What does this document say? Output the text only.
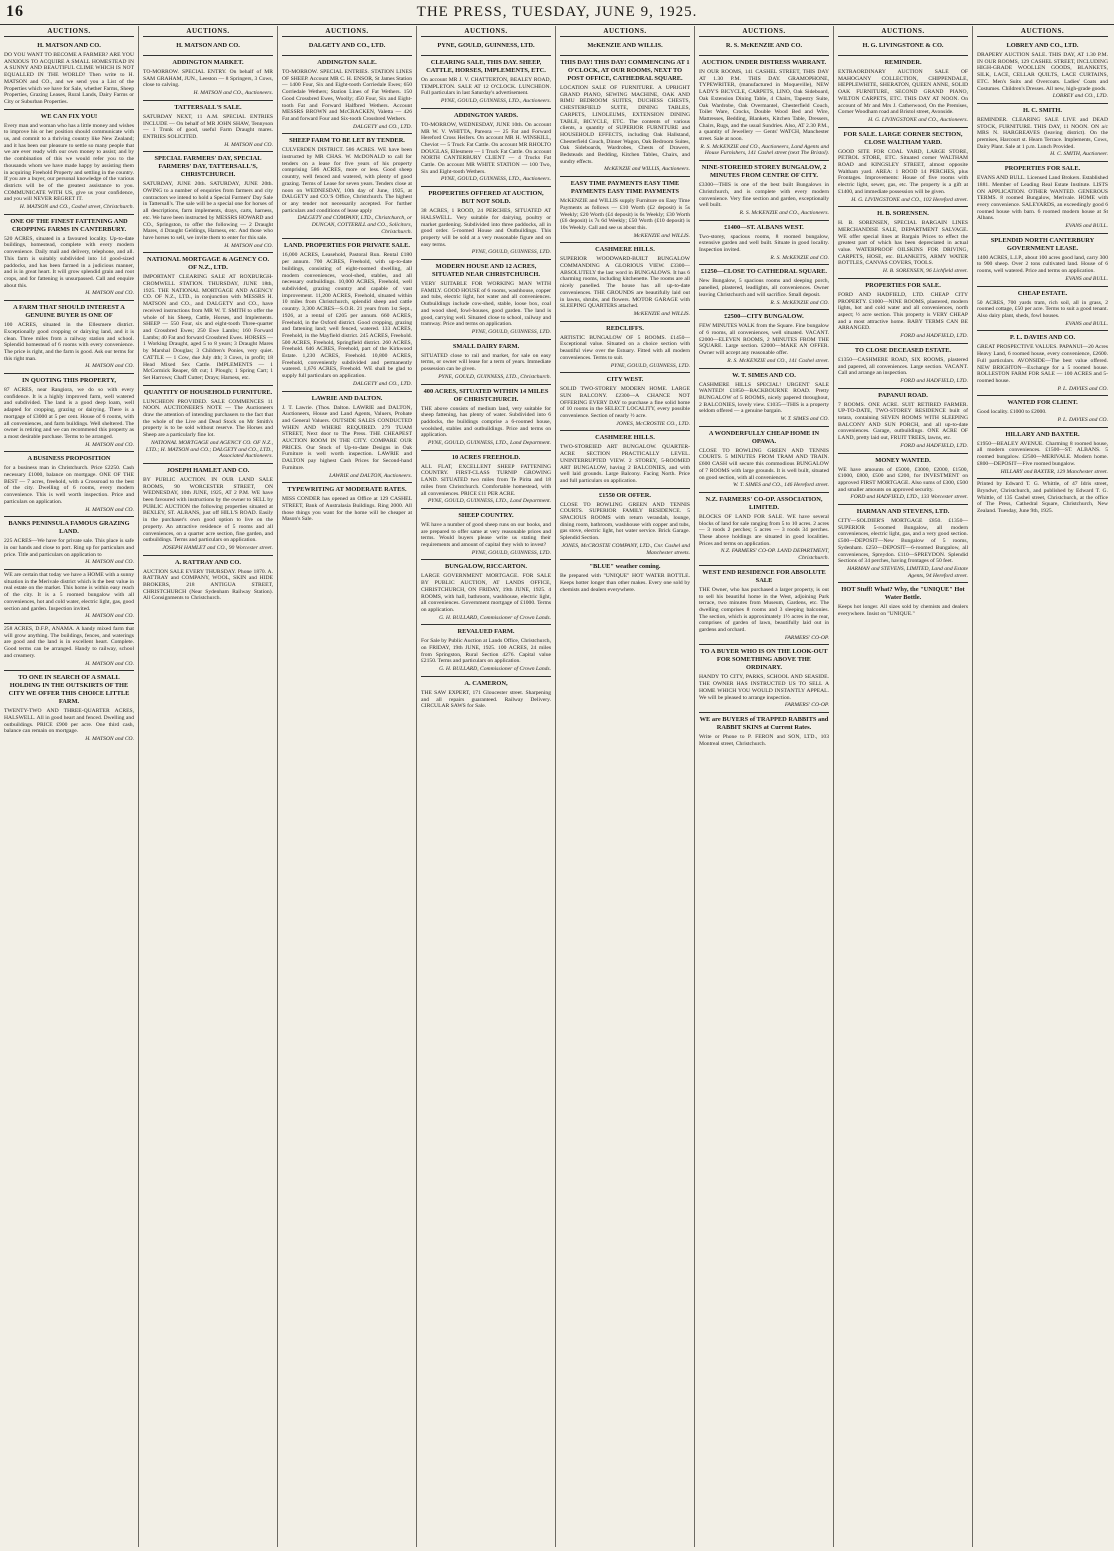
16	THE PRESS, TUESDAY, JUNE 9, 1925.
AUCTIONS.
H. MATSON AND CO.

DO YOU WANT TO BECOME A FARMER? ARE YOU ANXIOUS TO ACQUIRE A SMALL HOMESTEAD IN A SUNNY AND BEAUTIFUL CLIME WHICH IS NOT EQUALLED IN THE WORLD? Then write to H. MATSON and CO., and we send you a List of the Properties which we have for Sale, whether Farms, Sheep Properties, Grazing Leases, Rural Lands, Dairy Farms or City or Suburban Properties.

WE CAN FIX YOU!

Every man and woman who has a little money and wishes to improve his or her position should communicate with us, and commit to a thriving country like New Zealand; and it has been our pleasure to settle so many people that we are ever ready with our own money to assist; and by the combination of this we would refer you to the thousands whom we have made happy by assisting them in acquiring Freehold Property and settling in the country. If you are a buyer, our personal knowledge of the various districts will be of the greatest assistance to you. COMMUNICATE WITH US, give us your confidence, and you will NEVER REGRET IT.

H. MATSON and CO., Cashel street, Christchurch.
ONE OF THE FINEST FATTENING AND CROPPING FARMS IN CANTERBURY.

520 ACRES, situated in a favoured locality. Up-to-date buildings, homestead, complete with every modern convenience. Daily mail and delivery, telephone, and all. This farm is suitably subdivided into 14 good-sized paddocks, and has been farmed in a judicious manner, and is in great heart. It will grow splendid grain and root crops, and for fattening is unsurpassed. Call and enquire about this.

H. MATSON and CO.
A FARM THAT SHOULD INTEREST A GENUINE BUYER IS ONE OF

100 ACRES, situated in the Ellesmere district. Exceptionally good cropping or dairying land, and it is clean. Three miles from a railway station and school. Splendid homestead of 6 rooms with every convenience. The price is right, and the farm is good. Ask our terms for this right man.

H. MATSON and CO.
IN QUOTING THIS PROPERTY,

87 ACRES, near Rangiora, we do so with every confidence. It is a highly improved farm, well watered and subdivided. The land is a good deep loam, well adapted for cropping, grazing or dairying. There is a mortgage of £3000 at 5 per cent. House of 6 rooms, with all conveniences, and farm buildings. Well sheltered. The owner is retiring and we can recommend this property as a most desirable purchase. Terms to be arranged.

H. MATSON and CO.
A BUSINESS PROPOSITION

for a business man in Christchurch. Price £2250. Cash necessary £1000, balance on mortgage. ONE OF THE BEST — 7 acres, freehold, with a Crossroad to the best of the city. Dwelling of 6 rooms, every modern convenience. This is well worth inspection. Price and particulars on application.

H. MATSON and CO.
BANKS PENINSULA FAMOUS GRAZING LAND.

225 ACRES—We have for private sale. This place is safe in our hands and close to port. Ring up for particulars and price. Title and particulars on application to

H. MATSON and CO.

WE are certain that today we have a HOME with a sunny situation in the Merivale district which is the best value in real estate on the market. This home is within easy reach of the city. It is a 5 roomed bungalow with all conveniences, hot and cold water, electric light, gas, good section and garden. Inspection invited.

H. MATSON and CO.

258 ACRES, D.F.P., ANAMA. A handy mixed farm that will grow anything. The buildings, fences, and waterings are good and the land is in excellent heart. Complete. Good terms can be arranged. Handy to railway, school and creamery.

H. MATSON and CO.
TO ONE IN SEARCH OF A SMALL HOLDING IN THE OUTSKIRTS OF THE CITY WE OFFER THIS CHOICE LITTLE FARM.

TWENTY-TWO AND THREE-QUARTER ACRES, HALSWELL. All in good heart and fenced. Dwelling and outbuildings. PRICE £900 per acre. One third cash, balance can remain on mortgage.

H. MATSON and CO.
AUCTIONS.
H. MATSON AND CO.
ADDINGTON MARKET.

TO-MORROW. SPECIAL ENTRY. On behalf of MR SAM GRAHAM, JUN., Leeston — 8 Springers, 3 Cows, close to calving.

H. MATSON and CO., Auctioneers.
TATTERSALL'S SALE.

SATURDAY NEXT, 11 A.M. SPECIAL ENTRIES INCLUDE — On behalf of MR JOHN SHAW, Tennyson — 1 Trunk of good, useful Farm Draught mares. ENTRIES SOLICITED.

H. MATSON and CO.
SPECIAL FARMERS' DAY, SPECIAL FARMERS' DAY, TATTERSALL'S, CHRISTCHURCH.

SATURDAY, JUNE 20th. SATURDAY, JUNE 20th. OWING to a number of enquiries from farmers and city contractors we intend to hold a Special Farmers' Day Sale in Tattersall's. The sale will be a special one for horses of all descriptions, farm implements, drays, carts, harness, etc. We have been instructed by MESSRS HOWARD and CO., Springston, to offer the following — 2 Draught Mares, 4 Draught Geldings, Harness, etc. And those who have horses to sell, we invite them to enter for this sale.

H. MATSON and CO.
NATIONAL MORTGAGE & AGENCY CO. OF N.Z., LTD.

IMPORTANT CLEARING SALE AT ROXBURGH-CROMWELL STATION. THURSDAY, JUNE 18th, 1925. THE NATIONAL MORTGAGE AND AGENCY CO. OF N.Z., LTD., in conjunction with MESSRS H. MATSON and CO., and DALGETY and CO., have received instructions from MR W. T. SMITH to offer the whole of his Sheep, Cattle, Horses, and Implements. SHEEP — 550 Four, six and eight-tooth Three-quarter and Crossbred Ewes; 250 Ewe Lambs; 160 Forward Lambs; 40 Fat and forward Crossbred Ewes. HORSES — 1 Working Draught, aged 5 to 8 years; 3 Draught Mares by Marshal Douglas; 3 Children's Ponies, very quiet. CATTLE — 1 Cow, due July 4th; 3 Cows, in profit; 18 Head Mixed Sex Cattle. IMPLEMENTS — 1 McCormick Reaper, 6ft cut; 1 Plough; 1 Spring Cart; 1 Set Harrows; Chaff Cutter; Drays; Harness, etc.

QUANTITY OF HOUSEHOLD FURNITURE.

LUNCHEON PROVIDED. SALE COMMENCES 11 NOON. AUCTIONEER'S NOTE — The Auctioneers draw the attention of intending purchasers to the fact that the whole of the Live and Dead Stock on Mr Smith's property is to be sold without reserve. The Horses and Sheep are a particularly fine lot.

NATIONAL MORTGAGE and AGENCY CO. OF N.Z., LTD.; H. MATSON and CO.; DALGETY and CO., LTD., Associated Auctioneers.
JOSEPH HAMLET AND CO.

BY PUBLIC AUCTION. IN OUR LAND SALE ROOMS, 90 WORCESTER STREET, ON WEDNESDAY, 10th JUNE, 1925, AT 2 P.M. WE have been favoured with instructions by the owner to SELL by PUBLIC AUCTION the following properties situated at BEXLEY, ST. ALBANS, just off HILL'S ROAD. Easily in the purchaser's own good option to live on the property. An attractive residence of 5 rooms and all conveniences, on a quarter acre section, fine garden, and outbuildings. Terms and particulars on application.

JOSEPH HAMLET and CO., 90 Worcester street.
A. RATTRAY AND CO.

AUCTION SALE EVERY THURSDAY. Phone 1870. A. RATTRAY and COMPANY, WOOL, SKIN and HIDE BROKERS, 218 ANTIGUA STREET, CHRISTCHURCH (Near Sydenham Railway Station). All Consignments to Christchurch.

AUCTIONS.
DALGETY AND CO., LTD.
ADDINGTON SALE.

TO-MORROW. SPECIAL ENTRIES. STATION LINES OF SHEEP. Account MR C. H. ENSOR, St James Station — 1400 Four, Six and Eight-tooth Corriedale Ewes; 650 Corriedale Wethers; Station Lines of Fat Wethers. 150 Good Crossbred Ewes, Woolly; 450 Four, Six and Eight-tooth Fat and Forward Halfbred Wethers. Account MESSRS BROWN and McCRACKEN, Valetta — 426 Fat and forward Four and Six-tooth Crossbred Wethers.

DALGETY and CO., LTD.
SHEEP FARM TO BE LET BY TENDER.

CULVERDEN DISTRICT. 586 ACRES. WE have been instructed by MR CHAS. W. McDONALD to call for tenders on a lease for five years of his property comprising 586 ACRES, more or less. Good sheep country, well fenced and watered, with plenty of good grazing. Terms of Lease for seven years. Tenders close at noon on WEDNESDAY, 10th day of June, 1925, at DALGETY and CO.'S Office, Christchurch. The highest or any tender not necessarily accepted. For further particulars and conditions of lease apply

DALGETY and COMPANY, LTD., Christchurch, or DUNCAN, COTTERILL and CO., Solicitors, Christchurch.
LAND. PROPERTIES FOR PRIVATE SALE.

16,000 ACRES, Leasehold, Pastoral Run. Rental £180 per annum. 700 ACRES, Freehold, with up-to-date buildings, consisting of eight-roomed dwelling, all modern conveniences, wool-shed, stables, and all necessary outbuildings. 10,000 ACRES, Freehold, well subdivided, grazing country and capable of vast improvement. 11,200 ACRES, Freehold, situated within 10 miles from Christchurch, splendid sheep and cattle country. 3,300 ACRES—S.O.R. 21 years from 1st Sept., 1926, at a rental of £205 per annum. 660 ACRES, Freehold, in the Oxford district. Good cropping, grazing and fattening land; well fenced, watered. 133 ACRES, Freehold, in the Mayfield district. 245 ACRES, Freehold. 500 ACRES, Freehold, Springfield district. 260 ACRES, Freehold. 646 ACRES, Freehold, part of the Kirkwood Estate. 1,230 ACRES, Freehold. 10,800 ACRES, Freehold, conveniently subdivided and permanently watered. 1,676 ACRES, Freehold. WE shall be glad to supply full particulars on application.

DALGETY and CO., LTD.
LAWRIE AND DALTON.

J. T. Lawrie. (Thos. Dalton. LAWRIE and DALTON, Auctioneers, House and Land Agents, Valuers, Probate and General Valuers. OUTSIDE SALES CONDUCTED WHEN AND WHERE REQUIRED. 279 TUAM STREET, Next door to The Press. THE CHEAPEST AUCTION ROOM IN THE CITY. COMPARE OUR PRICES. Our Stock of Up-to-date Designs in Oak Furniture is well worth inspection. LAWRIE and DALTON pay highest Cash Prices for Second-hand Furniture.

LAWRIE and DALTON, Auctioneers.
TYPEWRITING AT MODERATE RATES.

MISS CONDER has opened an Office at 129 CASHEL STREET, Bank of Australasia Buildings. Ring 2000. All those things you want for the home will be cheaper at Mason's Sale.

AUCTIONS.
PYNE, GOULD, GUINNESS, LTD.
CLEARING SALE, THIS DAY. SHEEP, CATTLE, HORSES, IMPLEMENTS, ETC.

On account MR J. V. CHATTERTON, BEALEY ROAD, TEMPLETON. SALE AT 12 O'CLOCK. LUNCHEON. Full particulars in last Saturday's advertisement.

PYNE, GOULD, GUINNESS, LTD., Auctioneers.
ADDINGTON YARDS.

TO-MORROW, WEDNESDAY, JUNE 10th. On account MR W. V. WHITTA, Pareora — 25 Fat and Forward Hereford Cross Heifers. On account MR H. WINSKILL, Cheviot — 5 Truck Fat Cattle. On account MR RHOLTO DOUGLAS, Ellesmere — 1 Truck Fat Cattle. On account NORTH CANTERBURY CLIENT — 4 Trucks Fat Cattle. On account MR WHITE STATION — 100 Two, Six and Eight-tooth Wethers.

PYNE, GOULD, GUINNESS, LTD., Auctioneers.
PROPERTIES OFFERED AT AUCTION, BUT NOT SOLD.

38 ACRES, 1 ROOD, 24 PERCHES, SITUATED AT HALSWELL. Very suitable for dairying, poultry or market gardening. Subdivided into three paddocks, all in good order. 5-roomed House and Outbuildings. This property will be sold at a very reasonable figure and on easy terms.

PYNE, GOULD, GUINNESS, LTD.
MODERN HOUSE AND 12 ACRES, SITUATED NEAR CHRISTCHURCH.

VERY SUITABLE FOR WORKING MAN WITH FAMILY. GOOD HOUSE of 6 rooms, washhouse, copper and tubs, electric light, hot water and all conveniences. Outbuildings include cow-shed, stable, loose box, coal and wood shed, fowl-houses, good garden. The land is good, carrying well. Situated close to school, railway and tramway. Price and terms on application.

PYNE, GOULD, GUINNESS, LTD.
SMALL DAIRY FARM.

SITUATED close to rail and market, for sale on easy terms, or owner will lease for a term of years. Immediate possession can be given.

PYNE, GOULD, GUINNESS, LTD., Christchurch.
400 ACRES, SITUATED WITHIN 14 MILES OF CHRISTCHURCH.

THE above consists of medium land, very suitable for sheep fattening, has plenty of water. Subdivided into 6 paddocks, the buildings comprise a 6-roomed house, woolshed, stables and outbuildings. Price and terms on application.

PYNE, GOULD, GUINNESS, LTD., Land Department.
10 ACRES FREEHOLD.

ALL FLAT, EXCELLENT SHEEP FATTENING COUNTRY. FIRST-CLASS TURNIP GROWING LAND. SITUATED two miles from Te Pirita and 18 miles from Christchurch. Comfortable homestead, with all conveniences. PRICE £11 PER ACRE.

PYNE, GOULD, GUINNESS, LTD., Land Department.
SHEEP COUNTRY.

WE have a number of good sheep runs on our books, and are prepared to offer same at very reasonable prices and terms. Would buyers please write us stating their requirements and amount of capital they wish to invest?

PYNE, GOULD, GUINNESS, LTD.
BUNGALOW, RICCARTON.

LARGE GOVERNMENT MORTGAGE. FOR SALE BY PUBLIC AUCTION, AT LANDS OFFICE, CHRISTCHURCH, ON FRIDAY, 19th JUNE, 1925. 4 ROOMS, with hall, bathroom, washhouse, electric light, all conveniences. Government mortgage of £1000. Terms on application.

G. H. BULLARD, Commissioner of Crown Lands.
REVALUED FARM.

For Sale by Public Auction at Lands Office, Christchurch, on FRIDAY, 19th JUNE, 1925. 100 ACRES, 24 miles from Springston, Rural Section 4276. Capital value £2150. Terms and particulars on application.

G. H. BULLARD, Commissioner of Crown Lands.
A. CAMERON,

THE SAW EXPERT, 171 Gloucester street. Sharpening and all repairs guaranteed. Railway Delivery. CIRCULAR SAWS for Sale.

AUCTIONS.
McKENZIE AND WILLIS.
THIS DAY! THIS DAY! COMMENCING AT 1 O'CLOCK, AT OUR ROOMS, NEXT TO POST OFFICE, CATHEDRAL SQUARE.

LOCATION SALE OF FURNITURE. A UPRIGHT GRAND PIANO, SEWING MACHINE, OAK AND RIMU BEDROOM SUITES, DUCHESS CHESTS, CHESTERFIELD SUITE, DINING TABLES, CARPETS, LINOLEUMS, EXTENSION DINING TABLE, BICYCLE, ETC. The contents of various clients, a quantity of SUPERIOR FURNITURE and HOUSEHOLD EFFECTS, including Oak Hallstand, Chesterfield Couch, Dinner Wagon, Oak Bedroom Suites, Oak Sideboards, Wardrobes, Chests of Drawers, Bedsteads and Bedding, Kitchen Tables, Chairs, and sundry effects.

McKENZIE and WILLIS, Auctioneers.
EASY TIME PAYMENTS EASY TIME PAYMENTS EASY TIME PAYMENTS

McKENZIE and WILLIS supply Furniture on Easy Time Payments as follows — £10 Worth (£2 deposit) is 5s Weekly; £20 Worth (£4 deposit) is 6s Weekly; £30 Worth (£6 deposit) is 7s 6d Weekly; £50 Worth (£10 deposit) is 10s Weekly. Call and see us about this.

McKENZIE and WILLIS.
CASHMERE HILLS.

SUPERIOR WOODWARD-BUILT BUNGALOW COMMANDING A GLORIOUS VIEW. £3300—ABSOLUTELY the last word in BUNGALOWS. It has 6 charming rooms, including kitchenette. The rooms are all nicely panelled. The house has all up-to-date conveniences. THE GROUNDS are beautifully laid out in lawns, shrubs, and flowers. MOTOR GARAGE with SLEEPING QUARTERS attached.

McKENZIE and WILLIS.
REDCLIFFS.

ARTISTIC BUNGALOW OF 5 ROOMS. £1450—Exceptional value. Situated on a choice section with beautiful view over the Estuary. Fitted with all modern conveniences. Terms to suit.

PYNE, GOULD, GUINNESS, LTD.
CITY WEST.

SOLID TWO-STOREY MODERN HOME. LARGE SUN BALCONY. £2300—A CHANCE NOT OFFERING EVERY DAY to purchase a fine solid home of 10 rooms in the SELECT LOCALITY, every possible convenience. Section of nearly ½ acre.

JONES, McCROSTIE CO., LTD.
CASHMERE HILLS.

TWO-STOREIED ART BUNGALOW. QUARTER-ACRE SECTION PRACTICALLY LEVEL. UNINTERRUPTED VIEW. 2 STOREY, 5-ROOMED ART BUNGALOW, having 2 BALCONIES, and with well laid grounds. Large Balcony. Facing North. Price and full particulars on application.

£1550 OR OFFER.

CLOSE TO BOWLING GREEN AND TENNIS COURTS. SUPERIOR FAMILY RESIDENCE. 5 SPACIOUS ROOMS with return verandah, lounge, dining room, bathroom, washhouse with copper and tubs, gas stove, electric light, hot water service. Brick Garage. Splendid Section.

JONES, McCROSTIE COMPANY, LTD., Cnr. Cashel and Manchester streets.
"BLUE" weather coming.

Be prepared with "UNIQUE" HOT WATER BOTTLE. Keeps hotter longer than other makes. Every one sold by chemists and dealers everywhere.

AUCTIONS.
R. S. McKENZIE AND CO.
AUCTION. UNDER DISTRESS WARRANT.

IN OUR ROOMS, 141 CASHEL STREET, THIS DAY AT 1.30 P.M. THIS DAY. GRAMOPHONE, TYPEWRITER, (manufactured in Moqueville), NEW LADY'S BICYCLE, CARPETS, LINO, Oak Sideboard, Oak Extension Dining Table, 4 Chairs, Tapestry Suite, Oak Wardrobe, Oak Overmantel, Chesterfield Couch, Toilet Ware, Crocks, Double Wood Bed and Wire, Mattresses, Bedding, Blankets, Kitchen Table, Dressers, Chairs, Rugs, and the usual Sundries. Also, AT 2.30 P.M., a quantity of Jewellery — Gents' WATCH, Manchester street. Sale at noon.

R. S. McKENZIE and CO., Auctioneers, Land Agents and House Furnishers, 141 Cashel street (next The Bristol).
NINE-STOREIED STOREY BUNGALOW, 2 MINUTES FROM CENTRE OF CITY.

£3300—THIS is one of the best built Bungalows in Christchurch, and is complete with every modern convenience. Very fine section and garden, exceptionally well built.

R. S. McKENZIE and CO., Auctioneers.
£1400—ST. ALBANS WEST.

Two-storey, spacious rooms, 8 roomed bungalow, extensive garden and well built. Situate in good locality. Inspection invited.

R. S. McKENZIE and CO.
£1250—CLOSE TO CATHEDRAL SQUARE.

New Bungalow, 5 spacious rooms and sleeping porch, panelled, plastered, leadlights, all conveniences. Owner leaving Christchurch and will sacrifice. Small deposit.

R. S. McKENZIE and CO.
£2500—CITY BUNGALOW.

FEW MINUTES WALK from the Square. Fine bungalow of 6 rooms, all conveniences, well situated. VACANT. £2000—ELEVEN ROOMS, 2 MINUTES FROM THE SQUARE. Large section. £2000—MAKE AN OFFER. Owner will accept any reasonable offer.

R. S. McKENZIE and CO., 141 Cashel street.
W. T. SIMES AND CO.

CASHMERE HILLS SPECIAL! URGENT SALE WANTED! £1850—BACKBOURNE ROAD. Pretty BUNGALOW of 5 ROOMS, nicely papered throughout, 2 BALCONIES, lovely view. £1035—THIS is a property seldom offered — a genuine bargain.

W. T. SIMES and CO.
A WONDERFULLY CHEAP HOME IN OPAWA.

CLOSE TO BOWLING GREEN AND TENNIS COURTS. 5 MINUTES FROM TRAM AND TRAIN. £600 CASH will secure this commodious BUNGALOW of 7 ROOMS with large grounds. It is well built, situated on good section, with all conveniences.

W. T. SIMES and CO., 146 Hereford street.
N.Z. FARMERS' CO-OP. ASSOCIATION, LIMITED.

BLOCKS OF LAND FOR SALE. WE have several blocks of land for sale ranging from 5 to 10 acres. 2 acres — 3 roods 2 perches; 5 acres — 3 roods 34 perches. These above holdings are situated in good localities. Prices and terms on application.

N.Z. FARMERS' CO-OP. LAND DEPARTMENT, Christchurch.
WEST END RESIDENCE FOR ABSOLUTE SALE

THE Owner, who has purchased a larger property, is out to sell his beautiful home in the West, adjoining Park terrace, two minutes from Museum, Gardens, etc. The dwelling comprises 8 rooms and 3 sleeping balconies. The section, which is approximately 1½ acres in the rear, comprises of garden of lawn, beautifully laid out in gardens and orchard.

FARMERS' CO-OP.
TO A BUYER WHO IS ON THE LOOK-OUT FOR SOMETHING ABOVE THE ORDINARY.

HANDY TO CITY, PARKS, SCHOOL AND SEASIDE. THE OWNER HAS INSTRUCTED US TO SELL A HOME WHICH YOU WOULD INSTANTLY APPEAL. We will be pleased to arrange inspection.

FARMERS' CO-OP.
WE are BUYERS of TRAPPED RABBITS and RABBIT SKINS at Current Rates.

Write or Phone to P. FERON and SON, LTD., 103 Montreal street, Christchurch.

AUCTIONS.
H. G. LIVINGSTONE & CO.
REMINDER.

EXTRAORDINARY AUCTION SALE OF MAHOGANY COLLECTION, CHIPPENDALE, HEPPLEWHITE, SHERATON, QUEEN ANNE, SOLID OAK FURNITURE, SECOND GRAND PIANO, WILTON CARPETS, ETC. THIS DAY AT NOON. On account of Mr and Mrs J. Catherwood, On the Premises, Corner Woodham road and Bristol street, Avonside.

H. G. LIVINGSTONE and CO., Auctioneers.
FOR SALE. LARGE CORNER SECTION, CLOSE WALTHAM YARD.

GOOD SITE FOR COAL YARD, LARGE STORE, PETROL STORE, ETC. Situated corner WALTHAM ROAD and KINGSLEY STREET, almost opposite Waltham yard. AREA: 1 ROOD 14 PERCHES, plus Frontages. Improvements: House of five rooms with electric light, sewer, gas, etc. The property is a gift at £1400, and immediate possession will be given.

H. G. LIVINGSTONE and CO., 102 Hereford street.
H. B. SORENSEN.

H. B. SORENSEN, SPECIAL BARGAIN LINES MERCHANDISE SALE, DEPARTMENT SALVAGE. WE offer special lines at Bargain Prices to effect the greatest part of which has been depreciated in actual value. WATERPROOF OILSKINS FOR DRIVING, CARPETS, HOSE, etc. BLANKETS, ARMY WATER BOTTLES, CANVAS COVERS, TOOLS.

H. B. SORENSEN, 96 Lichfield street.
PROPERTIES FOR SALE.

FORD AND HADFIELD, LTD. CHEAP CITY PROPERTY. £1000—NINE ROOMS, plastered, modern lights, hot and cold water and all conveniences, north aspect; ½ acre section. This property is VERY CHEAP and a most attractive home. BABY TERMS CAN BE ARRANGED.

FORD and HADFIELD, LTD.
TO CLOSE DECEASED ESTATE.

£1350—CASHMERE ROAD, SIX ROOMS, plastered and papered, all conveniences. Large section. VACANT. Call and arrange an inspection.

FORD and HADFIELD, LTD.
PAPANUI ROAD.

7 ROOMS. ONE ACRE. SUIT RETIRED FARMER. UP-TO-DATE, TWO-STOREY RESIDENCE built of totara, containing SEVEN ROOMS WITH SLEEPING BALCONY AND SUN PORCH, and all up-to-date conveniences. Garage, outbuildings. ONE ACRE OF LAND, pretty laid out, FRUIT TREES, lawns, etc.

FORD and HADFIELD, LTD.
MONEY WANTED.

WE have amounts of £5000, £3000, £2000, £1500, £1000, £800, £500 and £200, for INVESTMENT on approved FIRST MORTGAGE. Also sums of £300, £500 and smaller amounts on approved security.

FORD and HADFIELD, LTD., 133 Worcester street.
HARMAN AND STEVENS, LTD.

CITY—SOLDIER'S MORTGAGE £850. £1350—SUPERIOR 5-roomed Bungalow, all modern conveniences, electric light, gas, and a very good section. £500—DEPOSIT—New Bungalow of 5 rooms, Sydenham. £250—DEPOSIT—6-roomed Bungalow, all conveniences, Spreydon. £110—SPREYDON. Splendid Sections of 34 perches, having frontages of 50 feet.

HARMAN and STEVENS, LIMITED, Land and Estate Agents, 94 Hereford street.
HOT Stuff! What? Why, the "UNIQUE" Hot Water Bottle.

Keeps hot longer. All sizes sold by chemists and dealers everywhere. Insist on "UNIQUE."

AUCTIONS.
LOBREY AND CO., LTD.

DRAPERY AUCTION SALE. THIS DAY, AT 1.30 P.M. IN OUR ROOMS, 129 CASHEL STREET, INCLUDING HIGH-GRADE WOOLLEN GOODS, BLANKETS, SILK, LACE, CELLAR QUILTS, LACE CURTAINS, ETC. Men's Suits and Overcoats. Ladies' Coats and Costumes. Children's Dresses. All new, high-grade goods.

LOBREY and CO., LTD.
H. C. SMITH.

REMINDER. CLEARING SALE LIVE and DEAD STOCK, FURNITURE. THIS DAY, 11 NOON. ON a/c MRS N. HARGREAVES (leaving district). On the premises, Harcourt st. Hearn Terrace. Implements, Cows, Dairy Plant. Sale at 1 p.m. Lunch Provided.

H. C. SMITH, Auctioneer.
PROPERTIES FOR SALE.

EVANS AND BULL. Licensed Land Brokers. Established 1881. Member of Leading Real Estate Institute. LISTS ON APPLICATION. OTHER WANTED. GENEROUS TERMS. 8 roomed Bungalow, Merivale. HOME with every convenience. SALEYARDS, an exceedingly good 6 roomed house with barn. 6 roomed modern house at St Albans.

EVANS and BULL.
SPLENDID NORTH CANTERBURY GOVERNMENT LEASE.

1400 ACRES, L.I.P., about 100 acres good land, carry 300 to 900 sheep. Over 2 tons cultivated land. House of 6 rooms, well watered. Price and terms on application.

EVANS and BULL.
CHEAP ESTATE.

50 ACRES, 700 yards tram, rich soil, all in grass, 2 roomed cottage, £50 per acre. Terms to suit a good tenant. Also dairy plant, sheds, fowl houses.

EVANS and BULL.
P. L. DAVIES AND CO.

GREAT PROSPECTIVE VALUES. PAPANUI—20 Acres Heavy Land, 6 roomed house, every convenience, £2600. Full particulars. AVONSIDE—The best value offered. NEW BRIGHTON—Exchange for a 5 roomed house. ROLLESTON FARM FOR SALE — 100 ACRES and 5-roomed house.

P. L. DAVIES and CO.
WANTED FOR CLIENT.

Good locality. £1000 to £2000.

P. L. DAVIES and CO.
HILLARY AND BAXTER.

£1950—BEALEY AVENUE. Charming 8 roomed house, all modern conveniences. £1500—ST. ALBANS. 5 roomed bungalow. £2500—MERIVALE. Modern home. £800—DEPOSIT—Five roomed bungalow.

HILLARY and BAXTER, 129 Manchester street.

Printed by Edward T. G. Whittle, of 47 Idris street, Bryndwr, Christchurch, and published by Edward T. G. Whittle, of 135 Cashel street, Christchurch, at the office of The Press, Cathedral Square, Christchurch, New Zealand. Tuesday, June 9th, 1925.
